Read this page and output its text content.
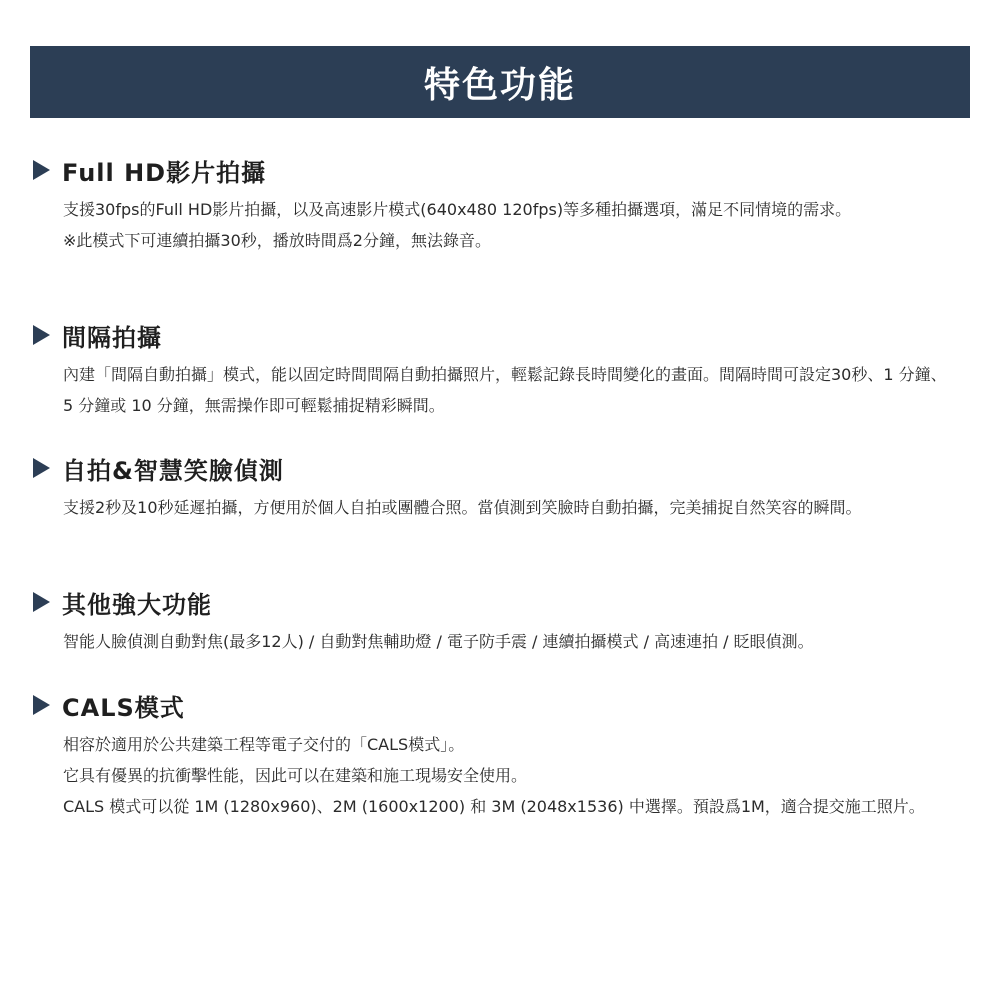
特色功能
Full HD影片拍攝

支援30fps的Full HD影片拍攝，以及高速影片模式(640x480 120fps)等多種拍攝選項，滿足不同情境的需求。

※此模式下可連續拍攝30秒，播放時間爲2分鐘，無法錄音。

間隔拍攝

內建「間隔自動拍攝」模式，能以固定時間間隔自動拍攝照片，輕鬆記錄長時間變化的畫面。間隔時間可設定30秒、1 分鐘、5 分鐘或 10 分鐘，無需操作即可輕鬆捕捉精彩瞬間。

自拍&智慧笑臉偵測

支援2秒及10秒延遲拍攝，方便用於個人自拍或團體合照。當偵測到笑臉時自動拍攝，完美捕捉自然笑容的瞬間。

其他強大功能

智能人臉偵測自動對焦(最多12人) / 自動對焦輔助燈 / 電子防手震 / 連續拍攝模式 / 高速連拍 / 眨眼偵測。

CALS模式

相容於適用於公共建築工程等電子交付的「CALS模式」。

它具有優異的抗衝擊性能，因此可以在建築和施工現場安全使用。

CALS 模式可以從 1M (1280x960)、2M (1600x1200) 和 3M (2048x1536) 中選擇。預設爲1M，適合提交施工照片。
